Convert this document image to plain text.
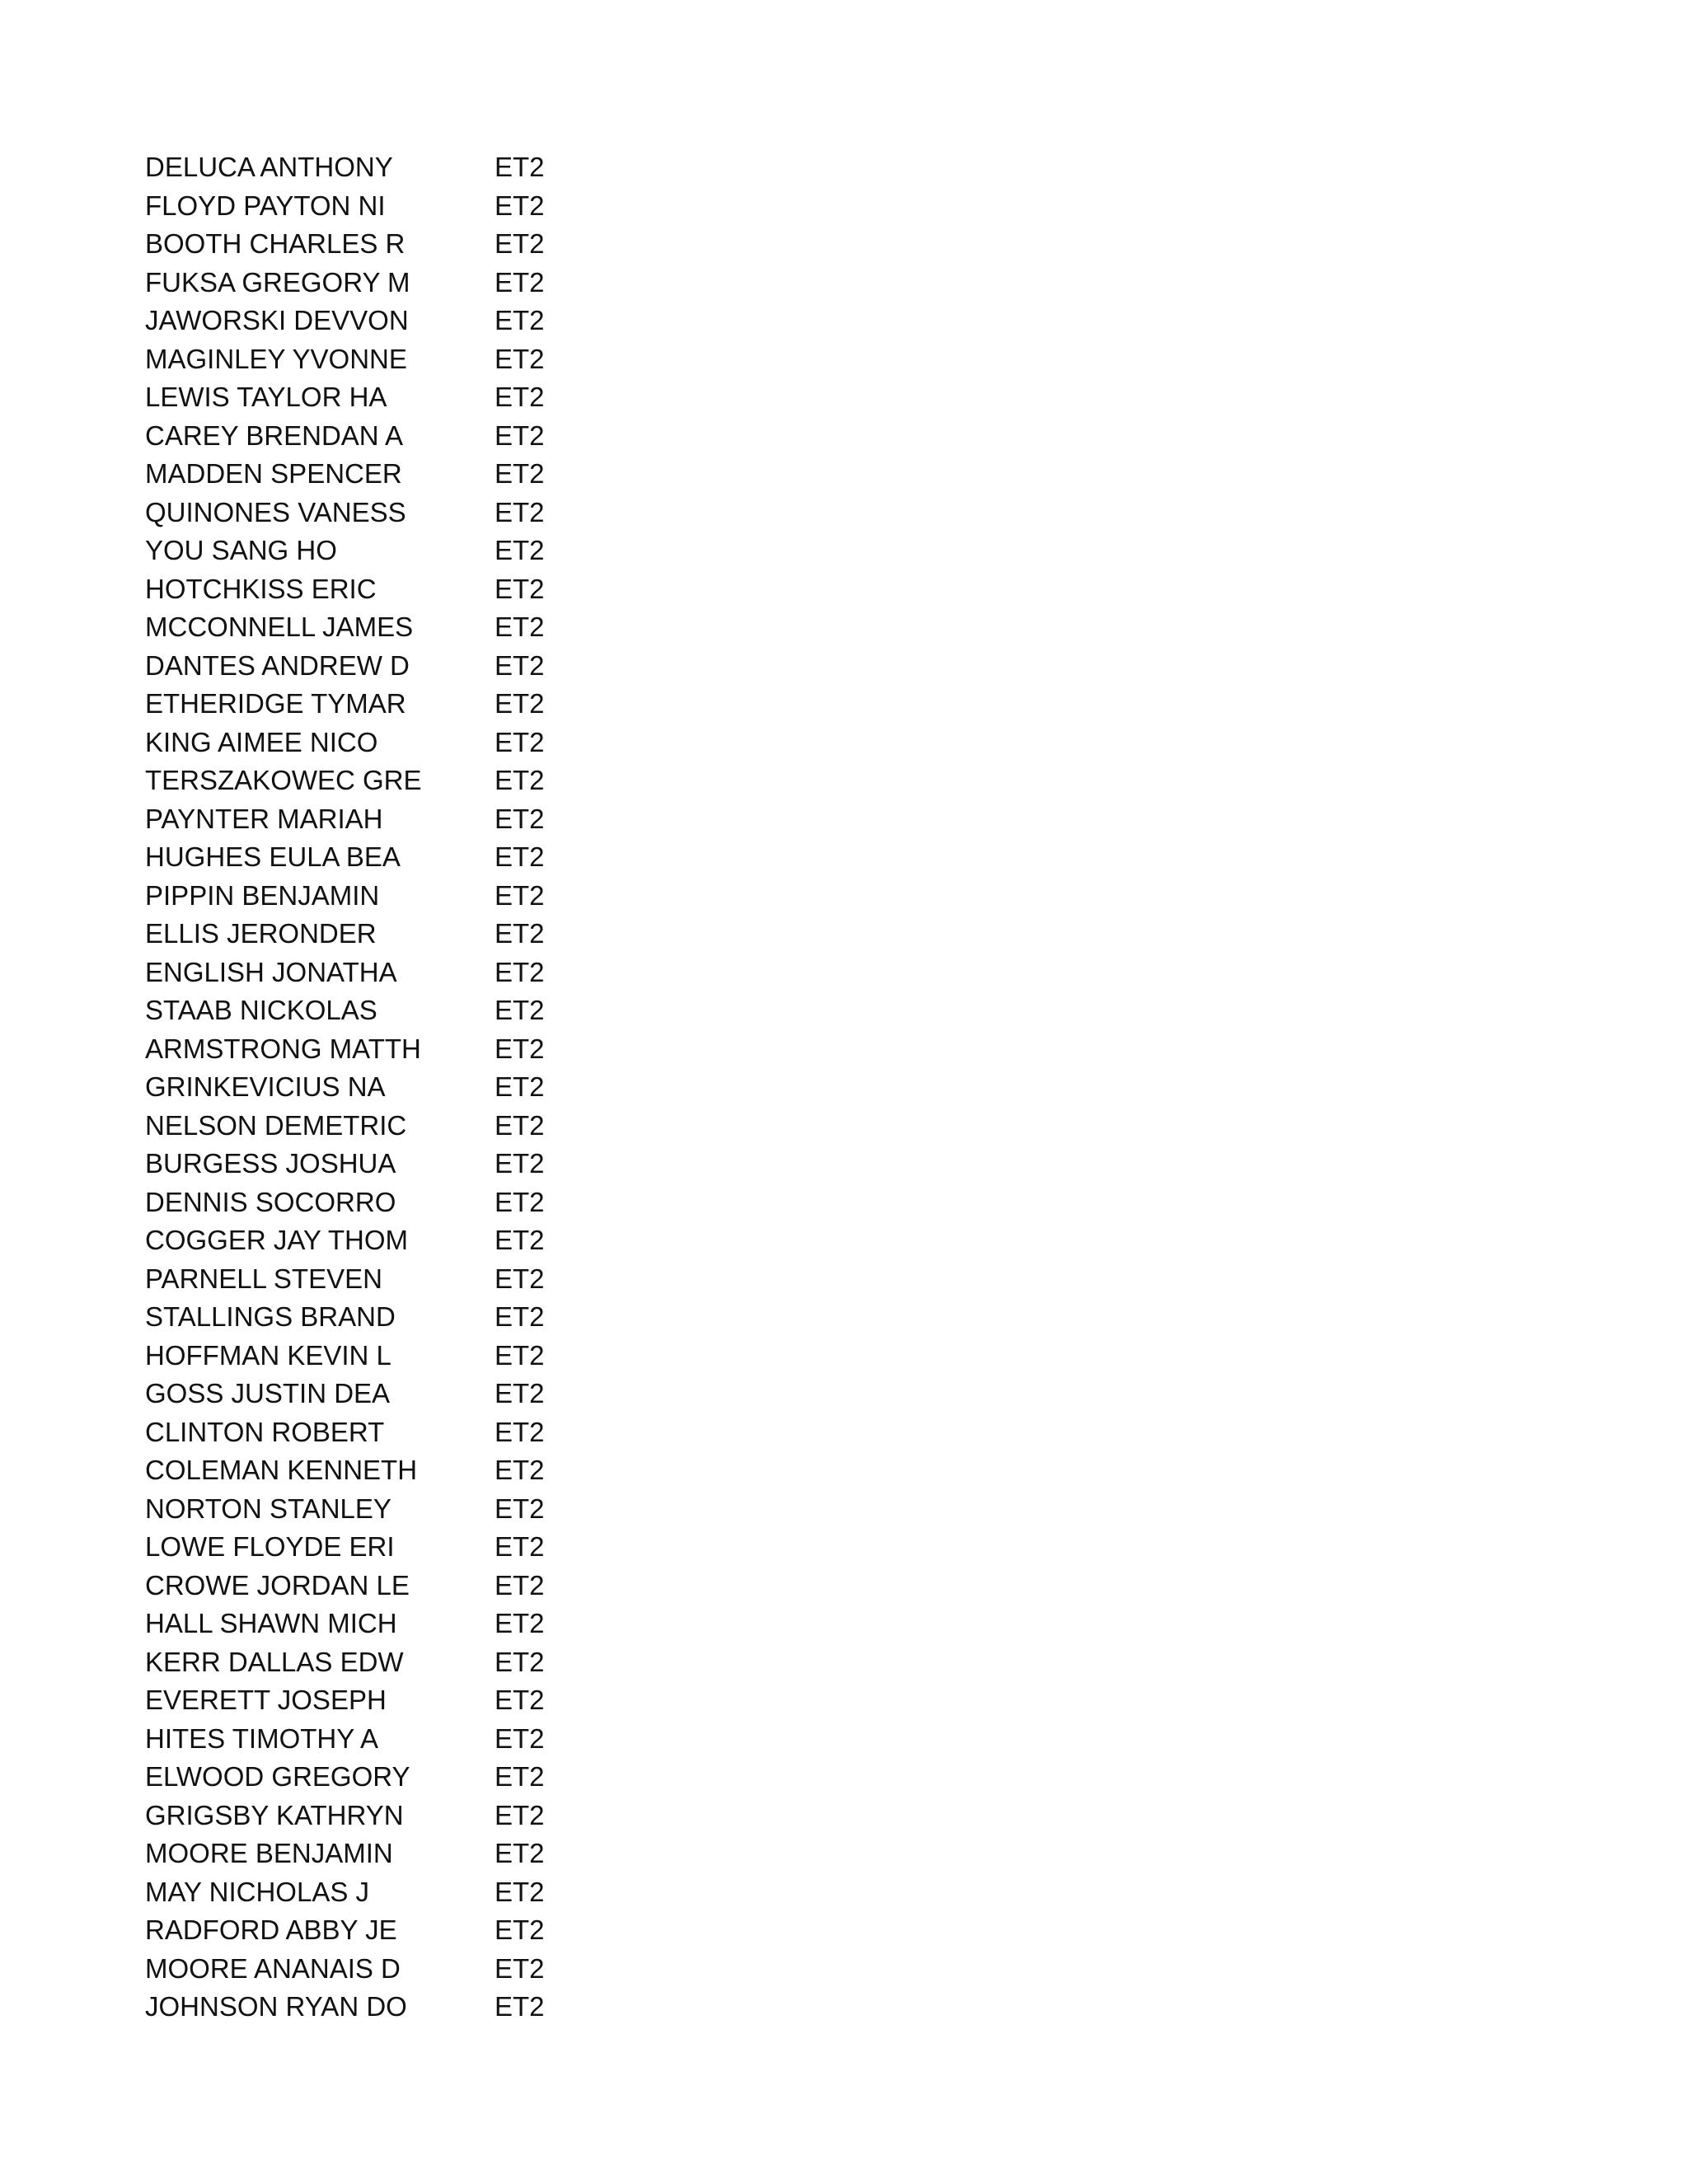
DELUCA ANTHONY	ET2
FLOYD PAYTON NI	ET2
BOOTH CHARLES R	ET2
FUKSA GREGORY M	ET2
JAWORSKI DEVVON	ET2
MAGINLEY YVONNE	ET2
LEWIS TAYLOR HA	ET2
CAREY BRENDAN A	ET2
MADDEN SPENCER	ET2
QUINONES VANESS	ET2
YOU SANG HO	ET2
HOTCHKISS ERIC	ET2
MCCONNELL JAMES	ET2
DANTES ANDREW D	ET2
ETHERIDGE TYMAR	ET2
KING AIMEE NICO	ET2
TERSZAKOWEC GRE	ET2
PAYNTER MARIAH	ET2
HUGHES EULA BEA	ET2
PIPPIN BENJAMIN	ET2
ELLIS JERONDER	ET2
ENGLISH JONATHA	ET2
STAAB NICKOLAS	ET2
ARMSTRONG MATTH	ET2
GRINKEVICIUS NA	ET2
NELSON DEMETRIC	ET2
BURGESS JOSHUA	ET2
DENNIS SOCORRO	ET2
COGGER JAY THOM	ET2
PARNELL STEVEN	ET2
STALLINGS BRAND	ET2
HOFFMAN KEVIN L	ET2
GOSS JUSTIN DEA	ET2
CLINTON ROBERT	ET2
COLEMAN KENNETH	ET2
NORTON STANLEY	ET2
LOWE FLOYDE ERI	ET2
CROWE JORDAN LE	ET2
HALL SHAWN MICH	ET2
KERR DALLAS EDW	ET2
EVERETT JOSEPH	ET2
HITES TIMOTHY A	ET2
ELWOOD GREGORY	ET2
GRIGSBY KATHRYN	ET2
MOORE BENJAMIN	ET2
MAY NICHOLAS J	ET2
RADFORD ABBY JE	ET2
MOORE ANANAIS D	ET2
JOHNSON RYAN DO	ET2
